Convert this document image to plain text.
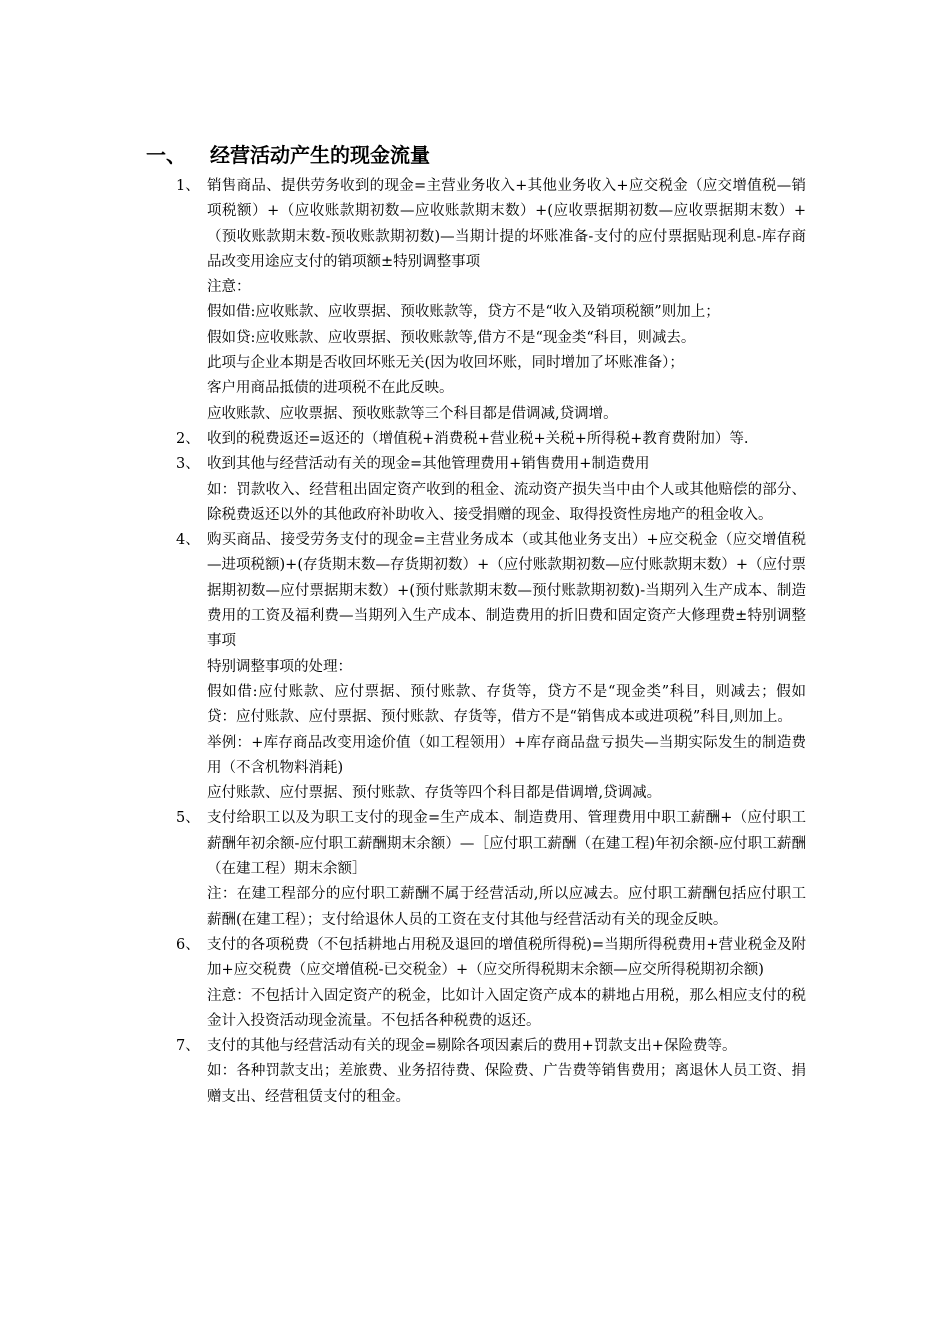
一、	经营活动产生的现金流量
1、 销售商品、提供劳务收到的现金=主营业务收入+其他业务收入+应交税金（应交增值税—销项税额）+（应收账款期初数—应收账款期末数）+(应收票据期初数—应收票据期末数）+（预收账款期末数-预收账款期初数)—当期计提的坏账准备-支付的应付票据贴现利息-库存商品改变用途应支付的销项额±特别调整事项

注意：

假如借:应收账款、应收票据、预收账款等，贷方不是“收入及销项税额”则加上；

假如贷:应收账款、应收票据、预收账款等,借方不是“现金类“科目，则减去。

此项与企业本期是否收回坏账无关(因为收回坏账，同时增加了坏账准备）；

客户用商品抵债的进项税不在此反映。

应收账款、应收票据、预收账款等三个科目都是借调减,贷调增。

2、 收到的税费返还=返还的（增值税+消费税+营业税+关税+所得税+教育费附加）等.

3、 收到其他与经营活动有关的现金=其他管理费用+销售费用+制造费用

如：罚款收入、经营租出固定资产收到的租金、流动资产损失当中由个人或其他赔偿的部分、除税费返还以外的其他政府补助收入、接受捐赠的现金、取得投资性房地产的租金收入。

4、 购买商品、接受劳务支付的现金=主营业务成本（或其他业务支出）+应交税金（应交增值税—进项税额)+(存货期末数—存货期初数）+（应付账款期初数—应付账款期末数）+（应付票据期初数—应付票据期末数）+(预付账款期末数—预付账款期初数)-当期列入生产成本、制造费用的工资及福利费—当期列入生产成本、制造费用的折旧费和固定资产大修理费±特别调整事项

特别调整事项的处理：

假如借:应付账款、应付票据、预付账款、存货等，贷方不是“现金类”科目，则减去；假如贷：应付账款、应付票据、预付账款、存货等，借方不是“销售成本或进项税”科目,则加上。

举例：+库存商品改变用途价值（如工程领用）+库存商品盘亏损失—当期实际发生的制造费用（不含机物料消耗)

应付账款、应付票据、预付账款、存货等四个科目都是借调增,贷调减。

5、 支付给职工以及为职工支付的现金=生产成本、制造费用、管理费用中职工薪酬+（应付职工薪酬年初余额-应付职工薪酬期末余额）—［应付职工薪酬（在建工程)年初余额-应付职工薪酬（在建工程）期末余额］

注：在建工程部分的应付职工薪酬不属于经营活动,所以应减去。应付职工薪酬包括应付职工薪酬(在建工程）；支付给退休人员的工资在支付其他与经营活动有关的现金反映。

6、 支付的各项税费（不包括耕地占用税及退回的增值税所得税)=当期所得税费用+营业税金及附加+应交税费（应交增值税-已交税金）+（应交所得税期末余额—应交所得税期初余额)

注意：不包括计入固定资产的税金，比如计入固定资产成本的耕地占用税，那么相应支付的税金计入投资活动现金流量。不包括各种税费的返还。

7、 支付的其他与经营活动有关的现金=剔除各项因素后的费用+罚款支出+保险费等。

如：各种罚款支出；差旅费、业务招待费、保险费、广告费等销售费用；离退休人员工资、捐赠支出、经营租赁支付的租金。
